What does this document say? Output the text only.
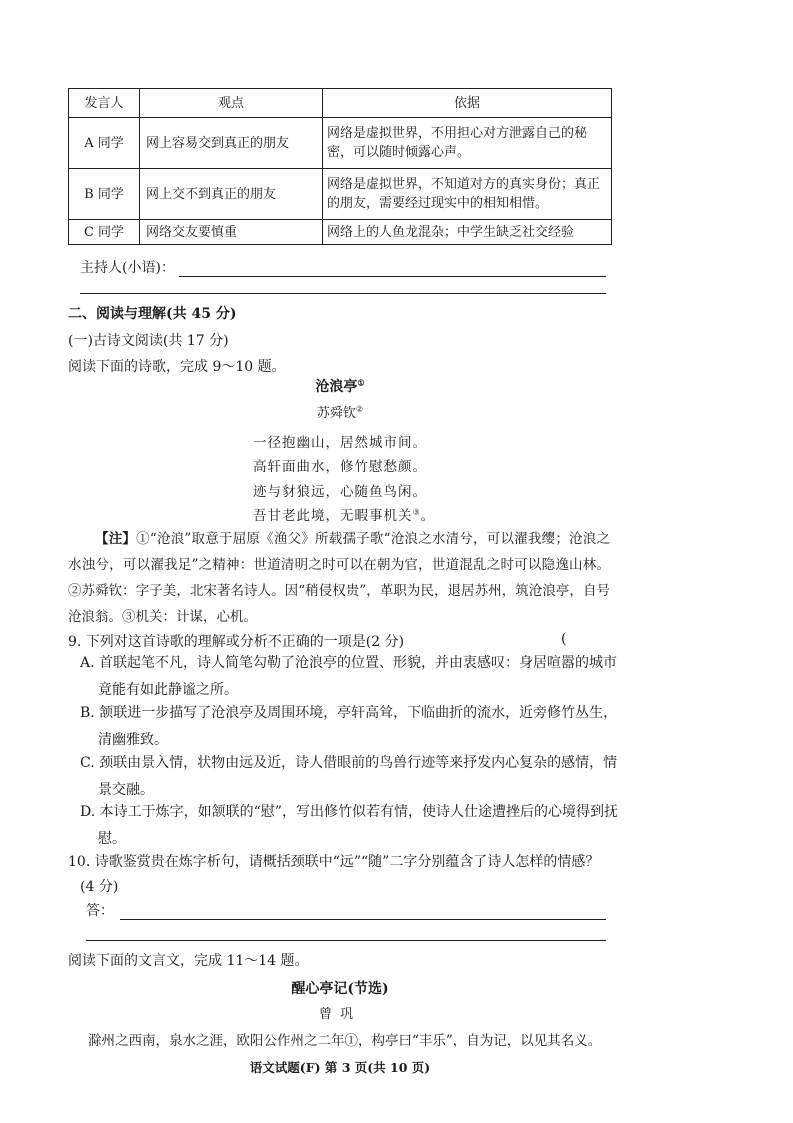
发言人	观点	依据
A 同学	网上容易交到真正的朋友	网络是虚拟世界，不用担心对方泄露自己的秘密，可以随时倾露心声。
B 同学	网上交不到真正的朋友	网络是虚拟世界，不知道对方的真实身份；真正的朋友，需要经过现实中的相知相惜。
C 同学	网络交友要慎重	网络上的人鱼龙混杂；中学生缺乏社交经验
主持人(小语)：
二、阅读与理解(共 45 分)
(一)古诗文阅读(共 17 分)
阅读下面的诗歌，完成 9～10 题。
沧浪亭①
苏舜钦②
一径抱幽山，居然城市间。
高轩面曲水，修竹慰愁颜。
迹与豺狼远，心随鱼鸟闲。
吾甘老此境，无暇事机关③。
【注】①“沧浪”取意于屈原《渔父》所载孺子歌“沧浪之水清兮，可以濯我缨；沧浪之水浊兮，可以濯我足”之精神：世道清明之时可以在朝为官，世道混乱之时可以隐逸山林。②苏舜钦：字子美，北宋著名诗人。因“稍侵权贵”，革职为民，退居苏州，筑沧浪亭，自号沧浪翁。③机关：计谋，心机。
9. 下列对这首诗歌的理解或分析不正确的一项是(2 分)	(
A. 首联起笔不凡，诗人简笔勾勒了沧浪亭的位置、形貌，并由衷感叹：身居喧嚣的城市竟能有如此静谧之所。
B. 颔联进一步描写了沧浪亭及周围环境，亭轩高耸，下临曲折的流水，近旁修竹丛生，清幽雅致。
C. 颈联由景入情，状物由远及近，诗人借眼前的鸟兽行迹等来抒发内心复杂的感情，情景交融。
D. 本诗工于炼字，如颔联的“慰”，写出修竹似若有情，使诗人仕途遭挫后的心境得到抚慰。
10. 诗歌鉴赏贵在炼字析句，请概括颈联中“远”“随”二字分别蕴含了诗人怎样的情感？
(4 分)
答：
阅读下面的文言文，完成 11～14 题。
醒心亭记(节选)
曾巩
滁州之西南，泉水之涯，欧阳公作州之二年①，构亭曰“丰乐”，自为记，以见其名义。
语文试题(F) 第 3 页(共 10 页)
